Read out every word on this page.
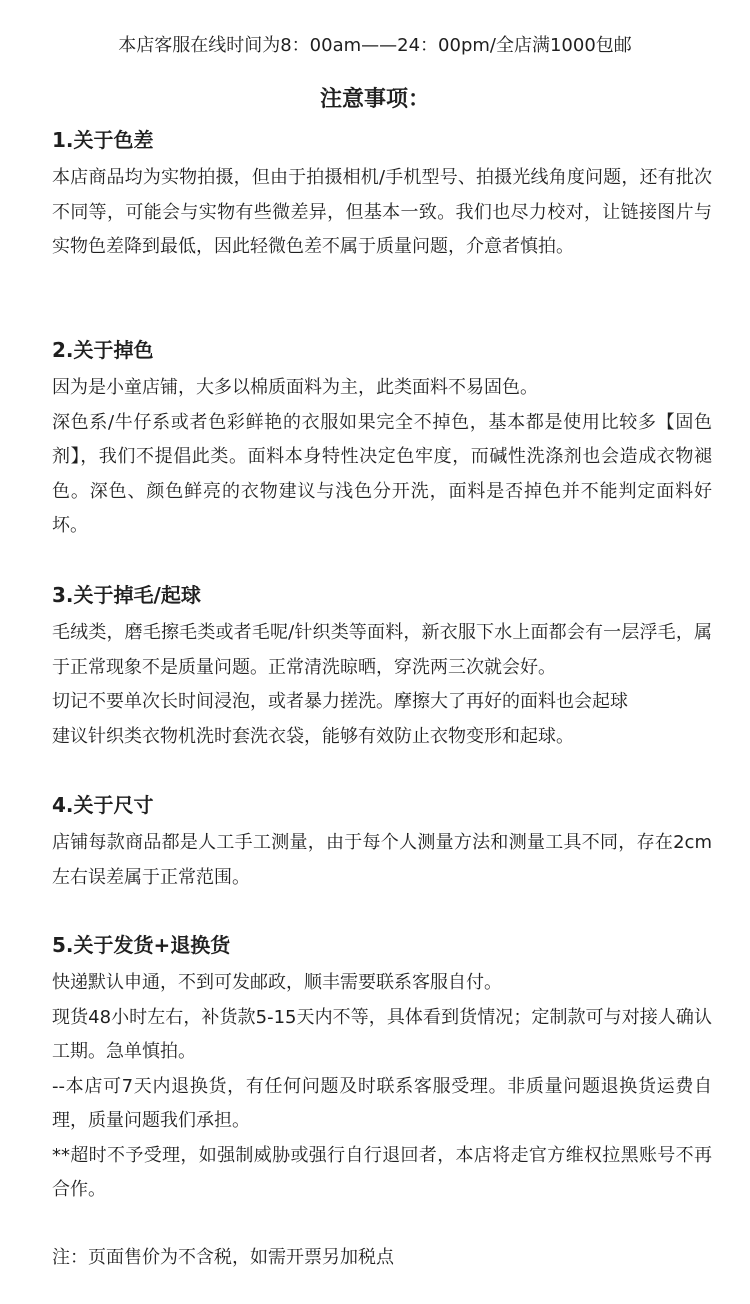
本店客服在线时间为8：00am——24：00pm/全店满1000包邮
注意事项：
1.关于色差

本店商品均为实物拍摄，但由于拍摄相机/手机型号、拍摄光线角度问题，还有批次不同等，可能会与实物有些微差异，但基本一致。我们也尽力校对，让链接图片与实物色差降到最低，因此轻微色差不属于质量问题，介意者慎拍。

2.关于掉色

因为是小童店铺，大多以棉质面料为主，此类面料不易固色。

深色系/牛仔系或者色彩鲜艳的衣服如果完全不掉色，基本都是使用比较多【固色剂】，我们不提倡此类。面料本身特性决定色牢度，而碱性洗涤剂也会造成衣物褪色。深色、颜色鲜亮的衣物建议与浅色分开洗，面料是否掉色并不能判定面料好坏。

3.关于掉毛/起球

毛绒类，磨毛擦毛类或者毛呢/针织类等面料，新衣服下水上面都会有一层浮毛，属于正常现象不是质量问题。正常清洗晾晒，穿洗两三次就会好。

切记不要单次长时间浸泡，或者暴力搓洗。摩擦大了再好的面料也会起球

建议针织类衣物机洗时套洗衣袋，能够有效防止衣物变形和起球。

4.关于尺寸

店铺每款商品都是人工手工测量，由于每个人测量方法和测量工具不同，存在2cm左右误差属于正常范围。

5.关于发货+退换货

快递默认申通，不到可发邮政，顺丰需要联系客服自付。

现货48小时左右，补货款5-15天内不等，具体看到货情况；定制款可与对接人确认工期。急单慎拍。

--本店可7天内退换货，有任何问题及时联系客服受理。非质量问题退换货运费自理，质量问题我们承担。

**超时不予受理，如强制威胁或强行自行退回者，本店将走官方维权拉黑账号不再合作。

注：页面售价为不含税，如需开票另加税点
